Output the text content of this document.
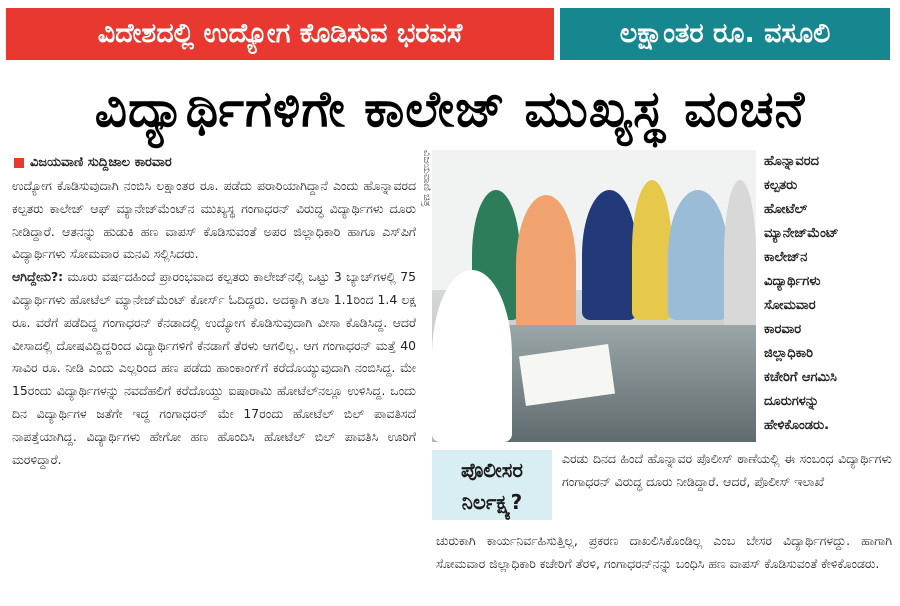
ವಿದೇಶದಲ್ಲಿ ಉದ್ಯೋಗ ಕೊಡಿಸುವ ಭರವಸೆ	ಲಕ್ಷಾಂತರ ರೂ. ವಸೂಲಿ
ವಿದ್ಯಾರ್ಥಿಗಳಿಗೇ ಕಾಲೇಜ್ ಮುಖ್ಯಸ್ಥ ವಂಚನೆ
ವಿಜಯವಾಣಿ ಸುದ್ದಿಜಾಲ ಕಾರವಾರ

ಉದ್ಯೋಗ ಕೊಡಿಸುವುದಾಗಿ ನಂಬಿಸಿ ಲಕ್ಷಾಂತರ ರೂ. ಪಡೆದು ಪರಾರಿಯಾಗಿದ್ದಾನೆ ಎಂದು ಹೊನ್ನಾವರದ ಕಲ್ಪತರು ಕಾಲೇಜ್ ಆಫ್ ಮ್ಯಾನೇಜ್‌ಮೆಂಟ್‌ನ ಮುಖ್ಯಸ್ಥ ಗಂಗಾಧರನ್ ವಿರುದ್ಧ ವಿದ್ಯಾರ್ಥಿಗಳು ದೂರು ನೀಡಿದ್ದಾರೆ. ಆತನನ್ನು ಹುಡುಕಿ ಹಣ ವಾಪಸ್ ಕೊಡಿಸುವಂತೆ ಅಪರ ಜಿಲ್ಲಾಧಿಕಾರಿ ಹಾಗೂ ಎಸ್‌ಪಿಗೆ ವಿದ್ಯಾರ್ಥಿಗಳು ಸೋಮವಾರ ಮನವಿ ಸಲ್ಲಿಸಿದರು.

ಆಗಿದ್ದೇನು?: ಮೂರು ವರ್ಷದಹಿಂದೆ ಪ್ರಾರಂಭವಾದ ಕಲ್ಪತರು ಕಾಲೇಜ್‌ನಲ್ಲಿ ಒಟ್ಟು 3 ಬ್ಯಾಚ್‌ಗಳಲ್ಲಿ 75 ವಿದ್ಯಾರ್ಥಿಗಳು ಹೋಟೆಲ್ ಮ್ಯಾನೇಜ್‌ಮೆಂಟ್ ಕೋರ್ಸ್ ಓದಿದ್ದರು. ಅದಕ್ಕಾಗಿ ತಲಾ 1.1ರಿಂದ 1.4 ಲಕ್ಷ ರೂ. ವರೆಗೆ ಪಡೆದಿದ್ದ ಗಂಗಾಧರನ್ ಕೆನಡಾದಲ್ಲಿ ಉದ್ಯೋಗ ಕೊಡಿಸುವುದಾಗಿ ವೀಸಾ ಕೊಡಿಸಿದ್ದ. ಆದರೆ ವೀಸಾದಲ್ಲಿ ದೋಷವಿದ್ದಿದ್ದರಿಂದ ವಿದ್ಯಾರ್ಥಿಗಳಿಗೆ ಕೆನಡಾಗೆ ತೆರಳು ಆಗಲಿಲ್ಲ. ಆಗ ಗಂಗಾಧರನ್ ಮತ್ತೆ 40 ಸಾವಿರ ರೂ. ನೀಡಿ ಎಂದು ಎಲ್ಲರಿಂದ ಹಣ ಪಡೆದು ಹಾಂಕಾಂಗ್‌ಗೆ ಕರೆದೊಯ್ಯುವುದಾಗಿ ನಂಬಿಸಿದ್ದ. ಮೇ 15ರಂದು ವಿದ್ಯಾರ್ಥಿಗಳನ್ನು ನವದೆಹಲಿಗೆ ಕರೆದೊಯ್ದು ಐಷಾರಾಮಿ ಹೋಟೆಲ್‌ನಲ್ಲೂ ಉಳಿಸಿದ್ದ. ಒಂದು ದಿನ ವಿದ್ಯಾರ್ಥಿಗಳ ಜತೆಗೇ ಇದ್ದ ಗಂಗಾಧರನ್ ಮೇ 17ರಂದು ಹೋಟೆಲ್ ಬಿಲ್ ಪಾವತಿಸದೆ ನಾಪತ್ತೆಯಾಗಿದ್ದ. ವಿದ್ಯಾರ್ಥಿಗಳು ಹೇಗೋ ಹಣ ಹೊಂದಿಸಿ ಹೋಟೆಲ್ ಬಿಲ್ ಪಾವತಿಸಿ ಊರಿಗೆ ಮರಳಿದ್ದಾರೆ.

ವಿಜಯವಾಣಿ ಚಿತ್ರ	ಹೊನ್ನಾವರದ
ಕಲ್ಪತರು
ಹೋಟೆಲ್
ಮ್ಯಾನೇಜ್‌ಮೆಂಟ್
ಕಾಲೇಜ್‌ನ
ವಿದ್ಯಾರ್ಥಿಗಳು
ಸೋಮವಾರ
ಕಾರವಾರ
ಜಿಲ್ಲಾಧಿಕಾರಿ
ಕಚೇರಿಗೆ ಆಗಮಿಸಿ
ದೂರುಗಳನ್ನು
ಹೇಳಿಕೊಂಡರು.
ಪೊಲೀಸರ
ನಿರ್ಲಕ್ಷ್ಯ?
ಎರಡು ದಿನದ ಹಿಂದೆ ಹೊನ್ನಾವರ ಪೊಲೀಸ್ ಠಾಣೆಯಲ್ಲಿ ಈ ಸಂಬಂಧ ವಿದ್ಯಾರ್ಥಿಗಳು ಗಂಗಾಧರನ್ ವಿರುದ್ಧ ದೂರು ನೀಡಿದ್ದಾರೆ. ಆದರೆ, ಪೊಲೀಸ್ ಇಲಾಖೆ
ಚುರುಕಾಗಿ ಕಾರ್ಯನಿರ್ವಹಿಸುತ್ತಿಲ್ಲ, ಪ್ರಕರಣ ದಾಖಲಿಸಿಕೊಂಡಿಲ್ಲ ಎಂಬ ಬೇಸರ ವಿದ್ಯಾರ್ಥಿಗಳದ್ದು. ಹಾಗಾಗಿ ಸೋಮವಾರ ಜಿಲ್ಲಾಧಿಕಾರಿ ಕಚೇರಿಗೆ ತೆರಳಿ, ಗಂಗಾಧರನ್‌ನನ್ನು ಬಂಧಿಸಿ ಹಣ ವಾಪಸ್ ಕೊಡಿಸುವಂತೆ ಕೇಳಿಕೊಂಡರು.
